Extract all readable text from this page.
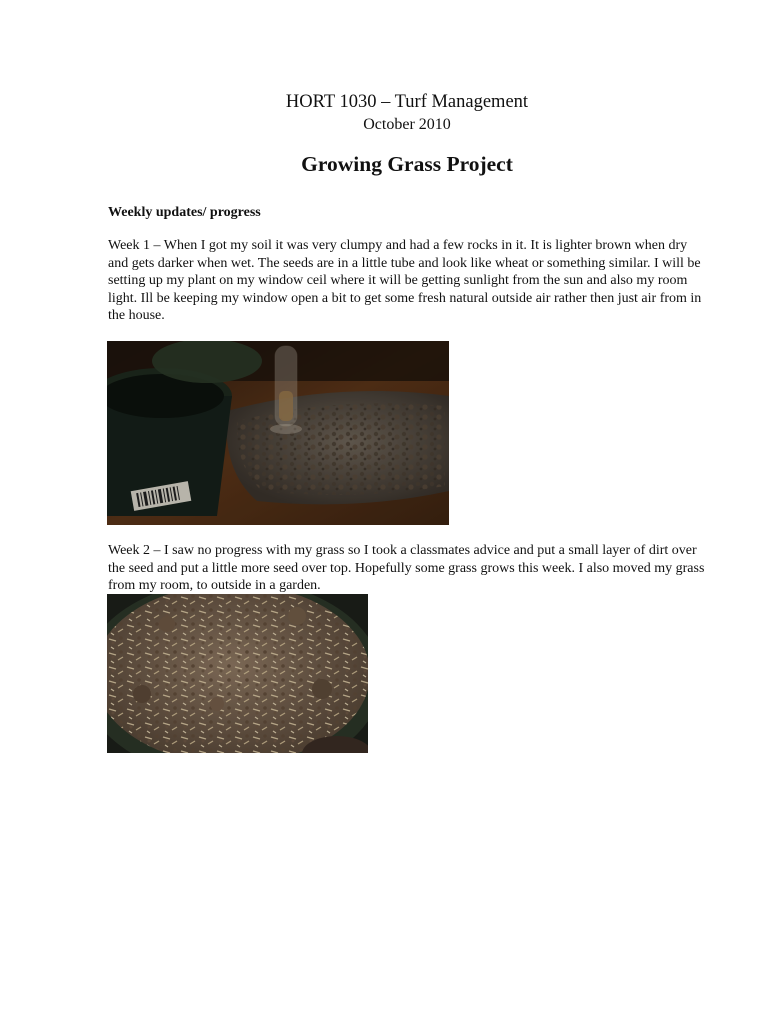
HORT 1030 – Turf Management
October 2010
Growing Grass Project
Weekly updates/ progress

Week 1 – When I got my soil it was very clumpy and had a few rocks in it. It is lighter brown when dry and gets darker when wet. The seeds are in a little tube and look like wheat or something similar. I will be setting up my plant on my window ceil where it will be getting sunlight from the sun and also my room light. Ill be keeping my window open a bit to get some fresh natural outside air rather then just air from in the house.

Week 2 – I saw no progress with my grass so I took a classmates advice and put a small layer of dirt over the seed and put a little more seed over top. Hopefully some grass grows this week. I also moved my grass from my room, to outside in a garden.
